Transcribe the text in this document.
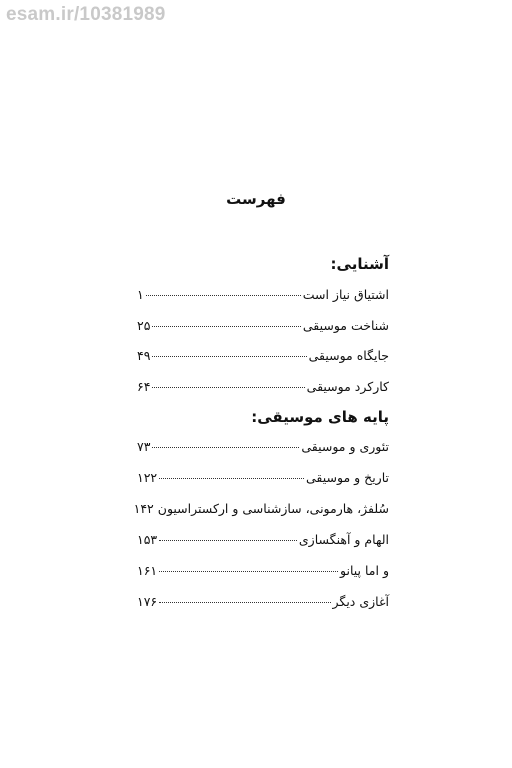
esam.ir/10381989
فهرست
آشنایی:
اشتیاق نیاز است
۱
شناخت موسیقی
۲۵
جایگاه موسیقی
۴۹
کارکرد موسیقی
۶۴
پایه های موسیقی:
تئوری و موسیقی
۷۳
تاریخ و موسیقی
۱۲۲
سُلفژ، هارمونی، سازشناسی و ارکستراسیون
۱۴۲
الهام و آهنگسازی
۱۵۳
و اما پیانو
۱۶۱
آغازی دیگر
۱۷۶
